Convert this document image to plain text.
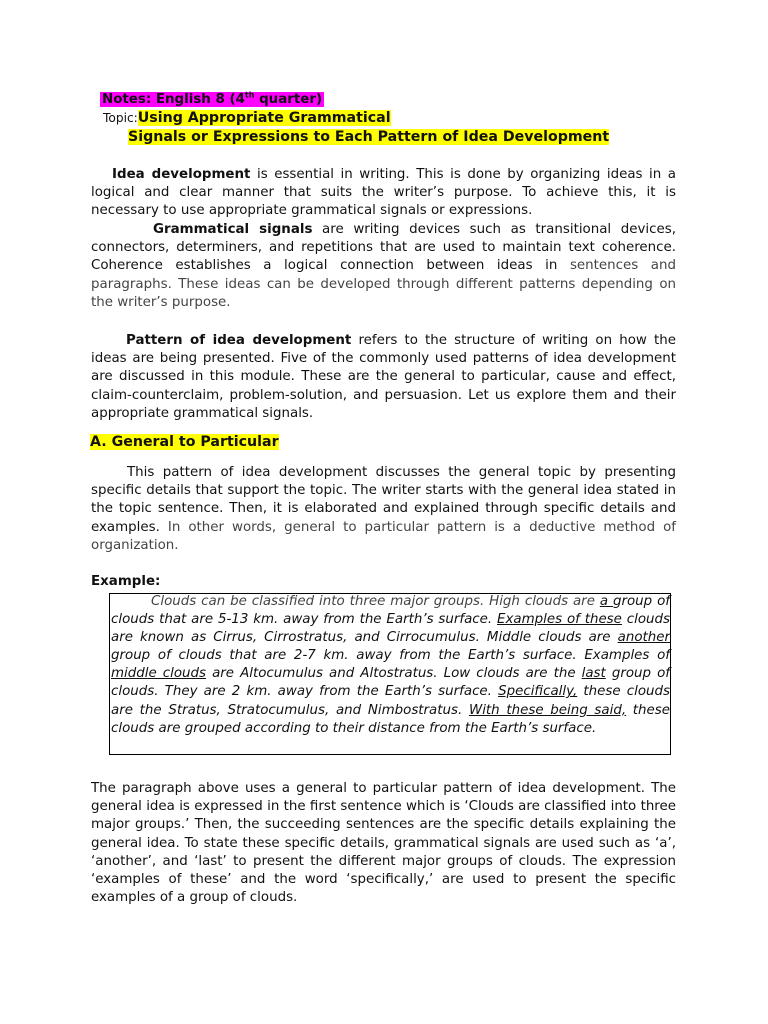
Notes: English 8 (4th quarter)
Topic:Using Appropriate Grammatical
Signals or Expressions to Each Pattern of Idea Development

Idea development is essential in writing. This is done by organizing ideas in a logical and clear manner that suits the writer’s purpose. To achieve this, it is necessary to use appropriate grammatical signals or expressions.

Grammatical signals are writing devices such as transitional devices, connectors, determiners, and repetitions that are used to maintain text coherence. Coherence establishes a logical connection between ideas in sentences and paragraphs. These ideas can be developed through different patterns depending on the writer’s purpose.

Pattern of idea development refers to the structure of writing on how the ideas are being presented. Five of the commonly used patterns of idea development are discussed in this module. These are the general to particular, cause and effect, claim-counterclaim, problem-solution, and persuasion. Let us explore them and their appropriate grammatical signals.

A. General to Particular

This pattern of idea development discusses the general topic by presenting specific details that support the topic. The writer starts with the general idea stated in the topic sentence. Then, it is elaborated and explained through specific details and examples. In other words, general to particular pattern is a deductive method of organization.

Example:

Clouds can be classified into three major groups. High clouds are a group of clouds that are 5-13 km. away from the Earth’s surface. Examples of these clouds are known as Cirrus, Cirrostratus, and Cirrocumulus. Middle clouds are another group of clouds that are 2-7 km. away from the Earth’s surface. Examples of middle clouds are Altocumulus and Altostratus. Low clouds are the last group of clouds. They are 2 km. away from the Earth’s surface. Specifically, these clouds are the Stratus, Stratocumulus, and Nimbostratus. With these being said, these clouds are grouped according to their distance from the Earth’s surface.

The paragraph above uses a general to particular pattern of idea development. The general idea is expressed in the first sentence which is ‘Clouds are classified into three major groups.’ Then, the succeeding sentences are the specific details explaining the general idea. To state these specific details, grammatical signals are used such as ‘a’, ‘another’, and ‘last’ to present the different major groups of clouds. The expression ‘examples of these’ and the word ‘specifically,’ are used to present the specific examples of a group of clouds.
